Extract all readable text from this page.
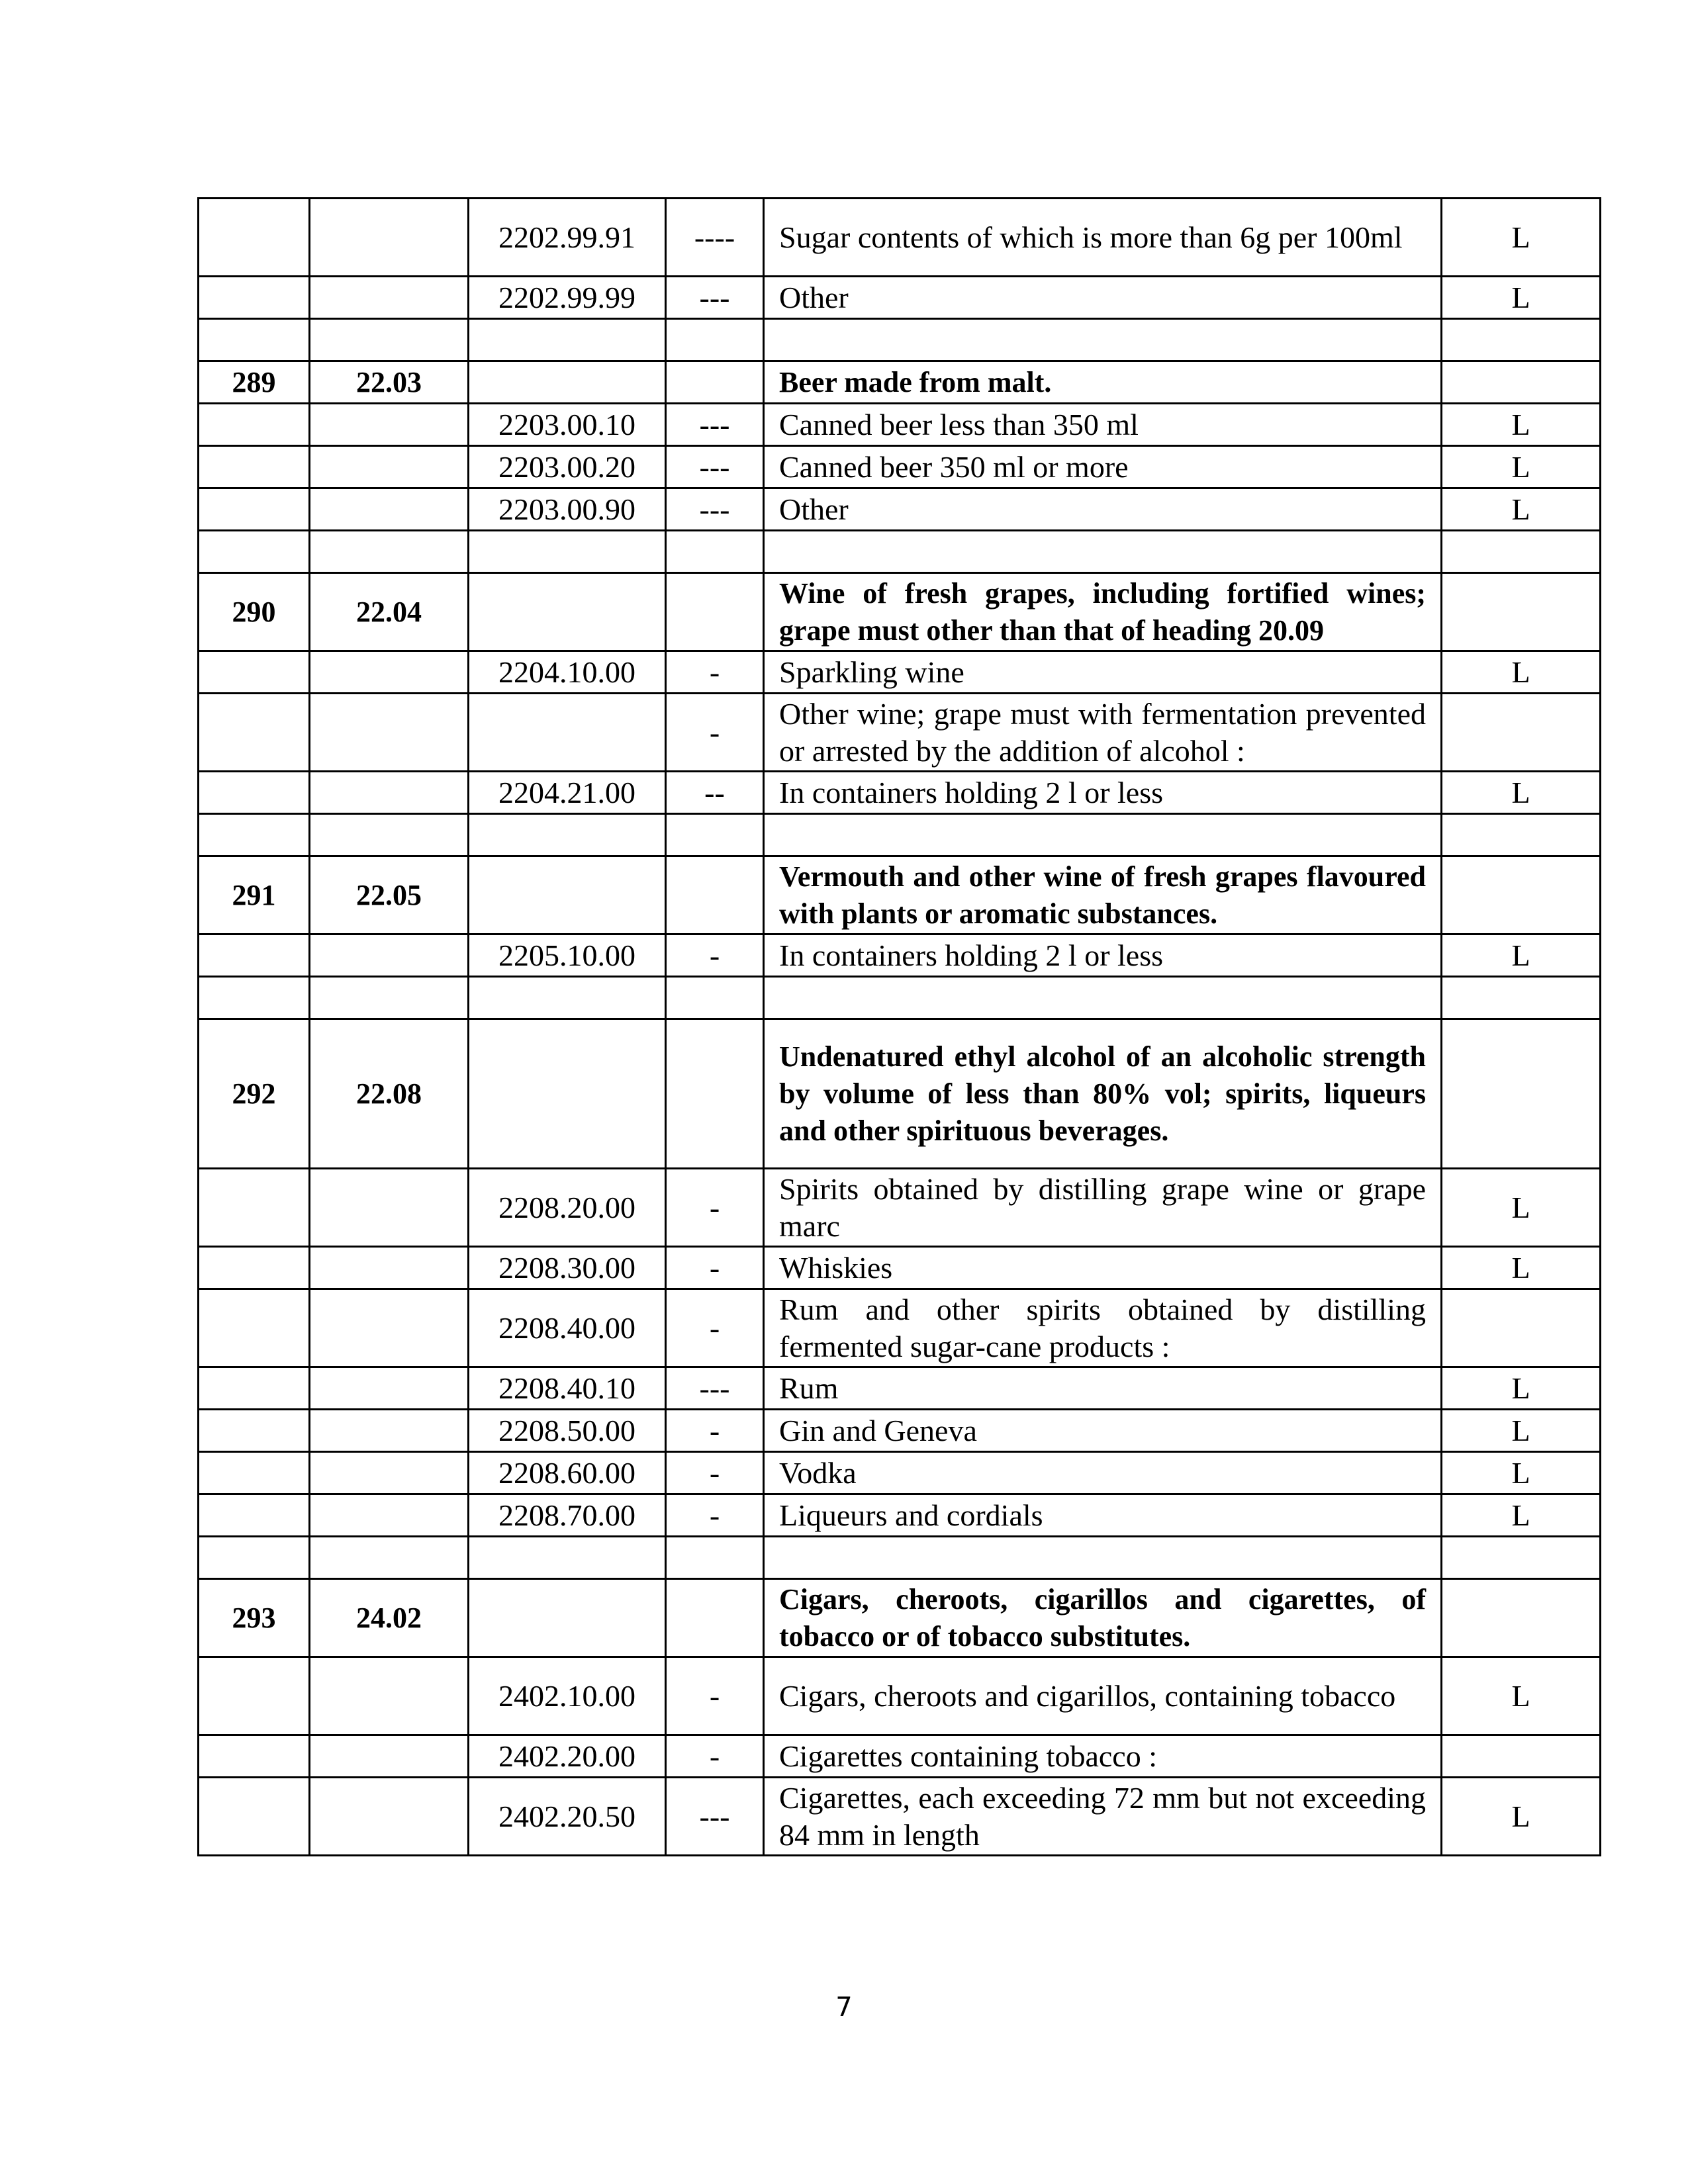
		2202.99.91	----	Sugar contents of which is more than 6g per 100ml	L
		2202.99.99	---	Other	L

289	22.03			Beer made from malt.	
		2203.00.10	---	Canned beer less than 350 ml	L
		2203.00.20	---	Canned beer 350 ml or more	L
		2203.00.90	---	Other	L

290	22.04			Wine of fresh grapes, including fortified wines; grape must other than that of heading 20.09	
		2204.10.00	-	Sparkling wine	L
			-	Other wine; grape must with fermentation prevented or arrested by the addition of alcohol :	
		2204.21.00	--	In containers holding 2 l or less	L

291	22.05			Vermouth and other wine of fresh grapes flavoured with plants or aromatic substances.	
		2205.10.00	-	In containers holding 2 l or less	L

292	22.08			Undenatured ethyl alcohol of an alcoholic strength by volume of less than 80% vol; spirits, liqueurs and other spirituous beverages.	
		2208.20.00	-	Spirits obtained by distilling grape wine or grape marc	L
		2208.30.00	-	Whiskies	L
		2208.40.00	-	Rum and other spirits obtained by distilling fermented sugar-cane products :	
		2208.40.10	---	Rum	L
		2208.50.00	-	Gin and Geneva	L
		2208.60.00	-	Vodka	L
		2208.70.00	-	Liqueurs and cordials	L

293	24.02			Cigars, cheroots, cigarillos and cigarettes, of tobacco or of tobacco substitutes.	
		2402.10.00	-	Cigars, cheroots and cigarillos, containing tobacco	L
		2402.20.00	-	Cigarettes containing tobacco :	
		2402.20.50	---	Cigarettes, each exceeding 72 mm but not exceeding 84 mm in length	L
7
